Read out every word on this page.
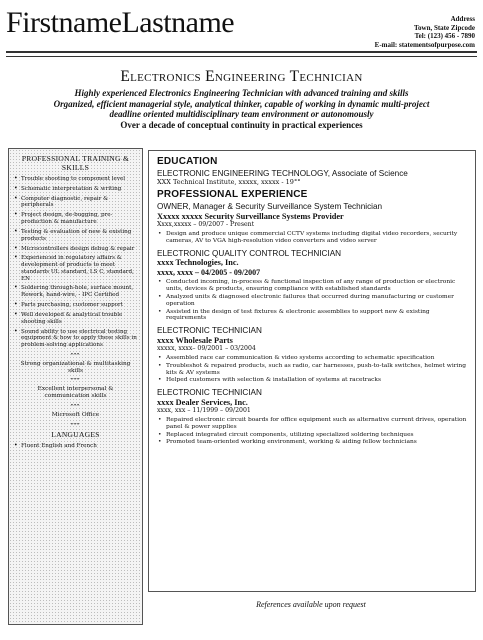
FirstnameLastname	Address
Town, State Zipcode
Tel: (123) 456 - 7890
E-mail: statementsofpurpose.com
Electronics Engineering Technician
Highly experienced Electronics Engineering Technician with advanced training and skills
Organized, efficient managerial style, analytical thinker, capable of working in dynamic multi-project
deadline oriented multidisciplinary team environment or autonomously
Over a decade of conceptual continuity in practical experiences
PROFESSIONAL TRAINING & SKILLS
• Trouble shooting to component level
• Schematic interpretation & writing
• Computer diagnostic, repair & peripherals
• Project design, de-bugging, pre-production & manufacture
• Testing & evaluation of new & existing products
• Microcontrollers design debug & repair
• Experienced in regulatory affairs & development of products to meet standards UL standard, LS C, standard, EN
• Soldering through-hole, surface mount, Rework, hand-wire, - IPC Certified
• Parts purchasing, customer support
• Well developed & analytical trouble shooting skills
• Sound ability to use electrical testing equipment & how to apply these skills in problem-solving applications
•••
Strong organizational & multitasking skills
•••
Excellent interpersonal & communication skills
•••
Microsoft Office
•••
LANGUAGES
• Fluent English and French
EDUCATION
ELECTRONIC ENGINEERING TECHNOLOGY, Associate of Science
XXX Technical Institute, xxxxx, xxxxx - 19°°
PROFESSIONAL EXPERIENCE
OWNER, Manager & Security Surveillance System Technician
Xxxxx xxxxx Security Surveillance Systems Provider
Xxxx,xxxxx – 09/2007 - Present
• Design and produce unique commercial CCTV systems including digital video recorders, security cameras, AV to VGA high-resolution video converters and video server
ELECTRONIC QUALITY CONTROL TECHNICIAN
xxxx Technologies, Inc.
xxxx, xxxx – 04/2005 - 09/2007
• Conducted incoming, in-process & functional inspection of any range of production or electronic units, devices & products, ensuring compliance with established standards
• Analyzed units & diagnosed electronic failures that occurred during manufacturing or customer operation
• Assisted in the design of test fixtures & electronic assemblies to support new & existing requirements
ELECTRONIC TECHNICIAN
xxxx Wholesale Parts
xxxxx, xxxx– 09/2001 – 03/2004
• Assembled race car communication & video systems according to schematic specification
• Troubleshot & repaired products, such as radio, car harnesses, push-to-talk switches, helmet wiring kits & AV systems
• Helped customers with selection & installation of systems at racetracks
ELECTRONIC TECHNICIAN
xxxx Dealer Services, Inc.
xxxx, xxx – 11/1999 – 09/2001
• Repaired electronic circuit boards for office equipment such as alternative current drives, operation panel & power supplies
• Replaced integrated circuit components, utilizing specialized soldering techniques
• Promoted team-oriented working environment, working & aiding fellow technicians
References available upon request
